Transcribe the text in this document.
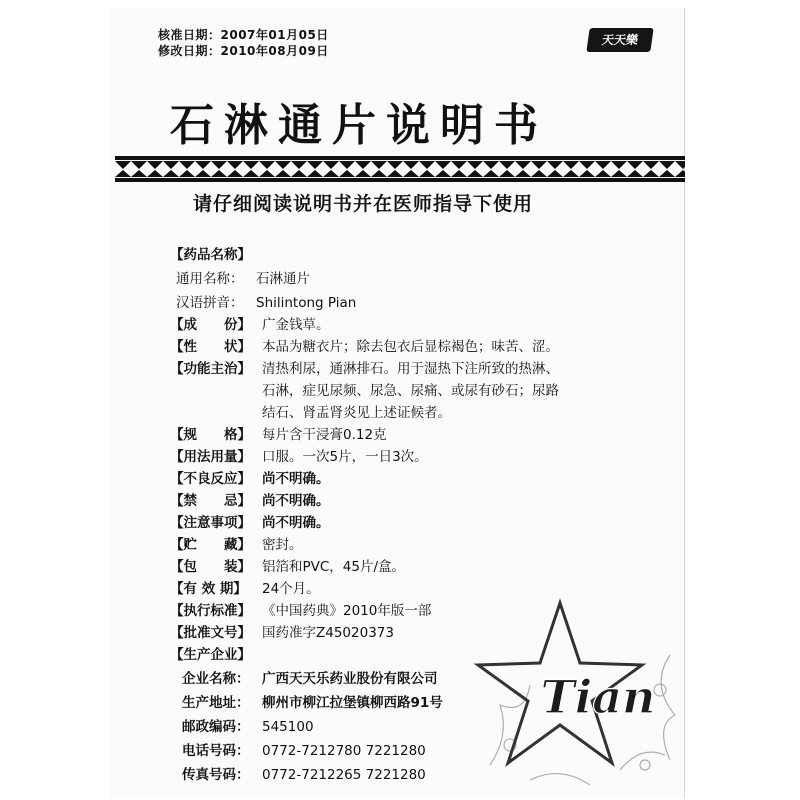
核准日期：2007年01月05日
修改日期：2010年08月09日
天天樂
石淋通片说明书
请仔细阅读说明书并在医师指导下使用
【药品名称】
通用名称： 石淋通片
汉语拼音： Shilintong Pian
【成　　份】 广金钱草。
【性　　状】 本品为糖衣片；除去包衣后显棕褐色；味苦、涩。
【功能主治】 清热利尿，通淋排石。用于湿热下注所致的热淋、
石淋，症见尿频、尿急、尿痛、或尿有砂石；尿路
结石、肾盂肾炎见上述证候者。
【规　　格】 每片含干浸膏0.12克
【用法用量】 口服。一次5片，一日3次。
【不良反应】 尚不明确。
【禁　　忌】 尚不明确。
【注意事项】 尚不明确。
【贮　　藏】 密封。
【包　　装】 铝箔和PVC，45片/盒。
【有 效 期】 24个月。
【执行标准】 《中国药典》2010年版一部
【批准文号】 国药准字Z45020373
【生产企业】
企业名称： 广西天天乐药业股份有限公司
生产地址： 柳州市柳江拉堡镇柳西路91号
邮政编码： 545100
电话号码： 0772-7212780 7221280
传真号码： 0772-7212265 7221280
Tian
